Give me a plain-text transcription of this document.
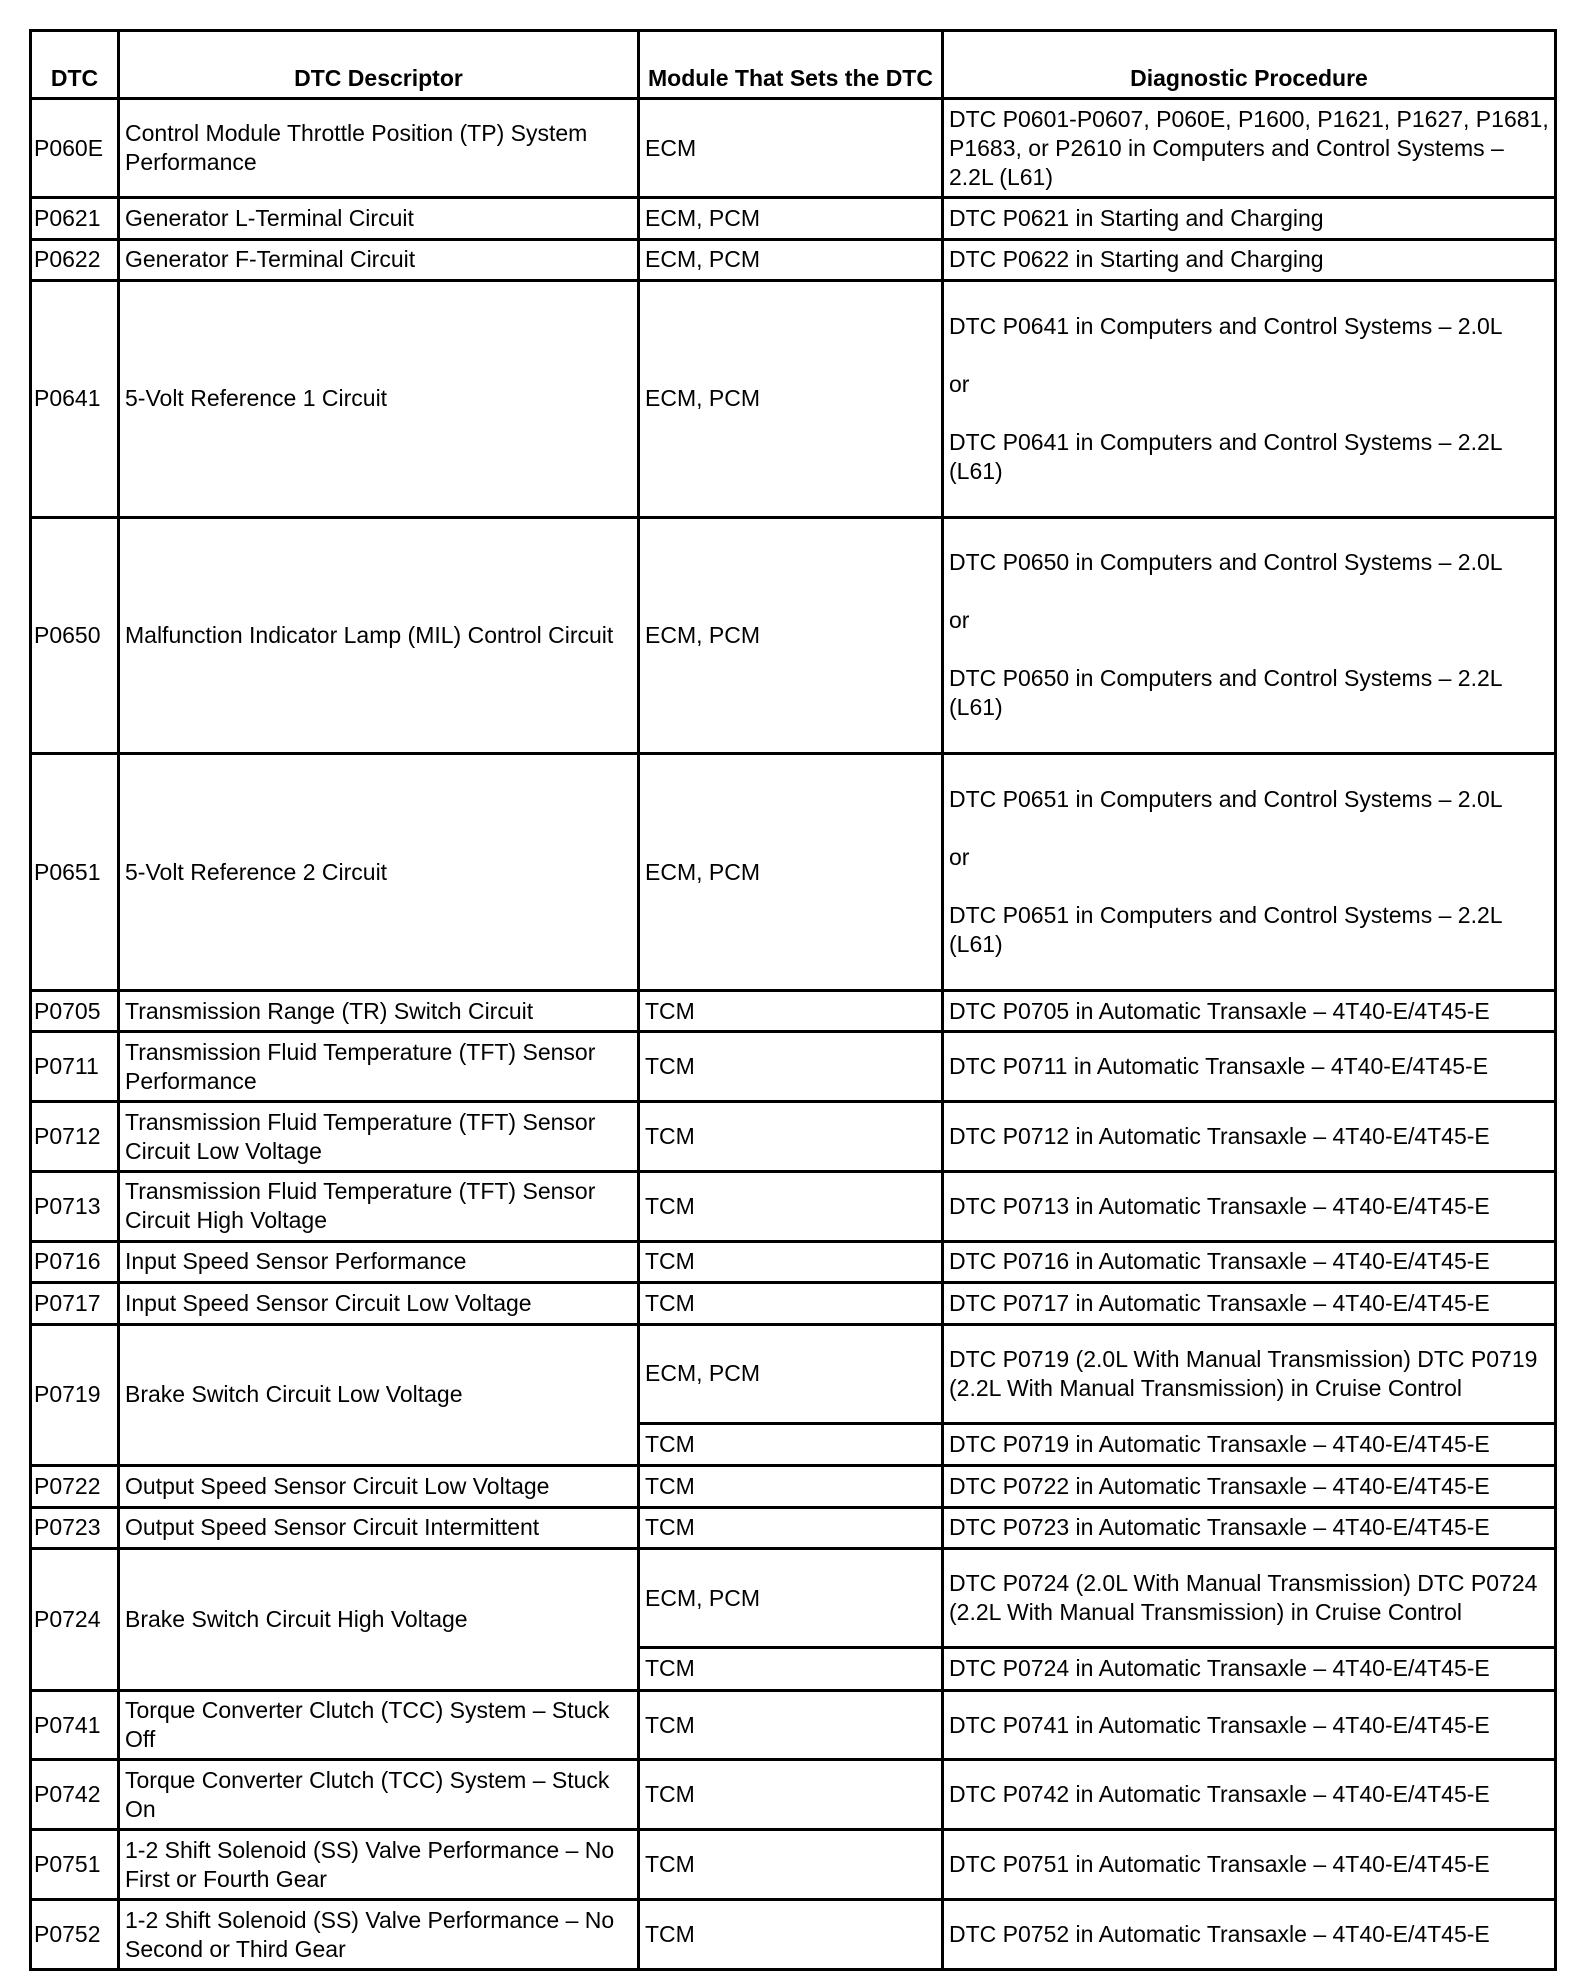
DTC	DTC Descriptor	Module That Sets the DTC	Diagnostic Procedure
P060E	Control Module Throttle Position (TP) System Performance	ECM	DTC P0601-P0607, P060E, P1600, P1621, P1627, P1681, P1683, or P2610 in Computers and Control Systems – 2.2L (L61)
P0621	Generator L-Terminal Circuit	ECM, PCM	DTC P0621 in Starting and Charging
P0622	Generator F-Terminal Circuit	ECM, PCM	DTC P0622 in Starting and Charging
P0641	5-Volt Reference 1 Circuit	ECM, PCM	DTC P0641 in Computers and Control Systems – 2.0L

or

DTC P0641 in Computers and Control Systems – 2.2L (L61)
P0650	Malfunction Indicator Lamp (MIL) Control Circuit	ECM, PCM	DTC P0650 in Computers and Control Systems – 2.0L

or

DTC P0650 in Computers and Control Systems – 2.2L (L61)
P0651	5-Volt Reference 2 Circuit	ECM, PCM	DTC P0651 in Computers and Control Systems – 2.0L

or

DTC P0651 in Computers and Control Systems – 2.2L (L61)
P0705	Transmission Range (TR) Switch Circuit	TCM	DTC P0705 in Automatic Transaxle – 4T40-E/4T45-E
P0711	Transmission Fluid Temperature (TFT) Sensor Performance	TCM	DTC P0711 in Automatic Transaxle – 4T40-E/4T45-E
P0712	Transmission Fluid Temperature (TFT) Sensor Circuit Low Voltage	TCM	DTC P0712 in Automatic Transaxle – 4T40-E/4T45-E
P0713	Transmission Fluid Temperature (TFT) Sensor Circuit High Voltage	TCM	DTC P0713 in Automatic Transaxle – 4T40-E/4T45-E
P0716	Input Speed Sensor Performance	TCM	DTC P0716 in Automatic Transaxle – 4T40-E/4T45-E
P0717	Input Speed Sensor Circuit Low Voltage	TCM	DTC P0717 in Automatic Transaxle – 4T40-E/4T45-E
P0719	Brake Switch Circuit Low Voltage	ECM, PCM	DTC P0719 (2.0L With Manual Transmission) DTC P0719 (2.2L With Manual Transmission) in Cruise Control
		TCM	DTC P0719 in Automatic Transaxle – 4T40-E/4T45-E
P0722	Output Speed Sensor Circuit Low Voltage	TCM	DTC P0722 in Automatic Transaxle – 4T40-E/4T45-E
P0723	Output Speed Sensor Circuit Intermittent	TCM	DTC P0723 in Automatic Transaxle – 4T40-E/4T45-E
P0724	Brake Switch Circuit High Voltage	ECM, PCM	DTC P0724 (2.0L With Manual Transmission) DTC P0724 (2.2L With Manual Transmission) in Cruise Control
		TCM	DTC P0724 in Automatic Transaxle – 4T40-E/4T45-E
P0741	Torque Converter Clutch (TCC) System – Stuck Off	TCM	DTC P0741 in Automatic Transaxle – 4T40-E/4T45-E
P0742	Torque Converter Clutch (TCC) System – Stuck On	TCM	DTC P0742 in Automatic Transaxle – 4T40-E/4T45-E
P0751	1-2 Shift Solenoid (SS) Valve Performance – No First or Fourth Gear	TCM	DTC P0751 in Automatic Transaxle – 4T40-E/4T45-E
P0752	1-2 Shift Solenoid (SS) Valve Performance – No Second or Third Gear	TCM	DTC P0752 in Automatic Transaxle – 4T40-E/4T45-E
